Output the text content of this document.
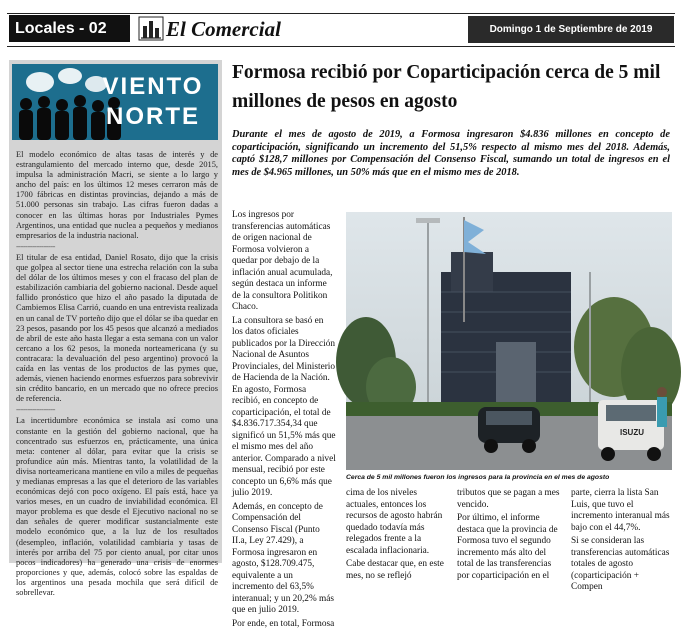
Locales - 02	El Comercial	Domingo 1 de Septiembre de 2019
VIENTO
NORTE

El modelo económico de altas tasas de interés y de estrangulamiento del mercado interno que, desde 2015, impulsa la administración Macri, se siente a lo largo y ancho del país: en los últimos 12 meses cerraron más de 1700 fábricas en distintas provincias, dejando a más de 51.000 personas sin trabajo. Las cifras fueron dadas a conocer en las últimas horas por Industriales Pymes Argentinos, una entidad que nuclea a pequeños y medianos empresarios de la industria nacional.

-----------------

El titular de esa entidad, Daniel Rosato, dijo que la crisis que golpea al sector tiene una estrecha relación con la suba del dólar de los últimos meses y con el fracaso del plan de estabilización cambiaria del gobierno nacional. Desde aquel fallido pronóstico que hizo el año pasado la diputada de Cambiemos Elisa Carrió, cuando en una entrevista realizada en un canal de TV porteño dijo que el dólar se iba quedar en 23 pesos, pasando por los 45 pesos que alcanzó a mediados de abril de este año hasta llegar a esta semana con un valor cercano a los 62 pesos, la moneda norteamericana (y su contracara: la devaluación del peso argentino) provocó la caída en las ventas de los productos de las pymes que, además, vienen haciendo enormes esfuerzos para sobrevivir sin crédito bancario, en un mercado que no ofrece precios de referencia.

-----------------

La incertidumbre económica se instala así como una constante en la gestión del gobierno nacional, que ha concentrado sus esfuerzos en, prácticamente, una única meta: contener al dólar, para evitar que la crisis se profundice aún más. Mientras tanto, la volatilidad de la divisa norteamericana mantiene en vilo a miles de pequeñas y medianas empresas a las que el deterioro de las variables económicas dejó con poco oxígeno. El país está, hace ya varios meses, en un cuadro de inviabilidad económica. El mayor problema es que desde el Ejecutivo nacional no se dan señales de querer modificar sustancialmente este modelo económico que, a la luz de los resultados (desempleo, inflación, volatilidad cambiaria y tasas de interés por arriba del 75 por ciento anual, por citar unos pocos indicadores) ha generado una crisis de enormes proporciones y que, además, colocó sobre las espaldas de los argentinos una pesada mochila que será difícil de sobrellevar.

Formosa recibió por Coparticipación cerca de 5 mil millones de pesos en agosto
Durante el mes de agosto de 2019, a Formosa ingresaron $4.836 millones en concepto de coparticipación, significando un incremento del 51,5% respecto al mismo mes del 2018. Además, captó $128,7 millones por Compensación del Consenso Fiscal, sumando un total de ingresos en el mes de $4.965 millones, un 50% más que en el mismo mes de 2018.

Los ingresos por transferencias automáticas de origen nacional de Formosa volvieron a quedar por debajo de la inflación anual acumulada, según destaca un informe de la consultora Politikon Chaco.

La consultora se basó en los datos oficiales publicados por la Dirección Nacional de Asuntos Provinciales, del Ministerio de Hacienda de la Nación. En agosto, Formosa recibió, en concepto de coparticipación, el total de $4.836.717.354,34 que significó un 51,5% más que el mismo mes del año anterior. Comparado a nivel mensual, recibió por este concepto un 6,6% más que julio 2019.

Además, en concepto de Compensación del Consenso Fiscal (Punto II.a, Ley 27.429), a Formosa ingresaron en agosto, $128.709.475, equivalente a un incremento del 63,5% interanual; y un 20,2% más que en julio 2019.

Por ende, en total, Formosa

ISUZU
Cerca de 5 mil millones fueron los ingresos para la provincia en el mes de agosto

cima de los niveles actuales, entonces los recursos de agosto habrán quedado todavía más relegados frente a la escalada inflacionaria.

Cabe destacar que, en este mes, no se reflejó

tributos que se pagan a mes vencido.

Por último, el informe destaca que la provincia de Formosa tuvo el segundo incremento más alto del total de las transferencias por coparticipación en el

parte, cierra la lista San Luis, que tuvo el incremento interanual más bajo con el 44,7%.

Si se consideran las transferencias automáticas totales de agosto (coparticipación + Compen
